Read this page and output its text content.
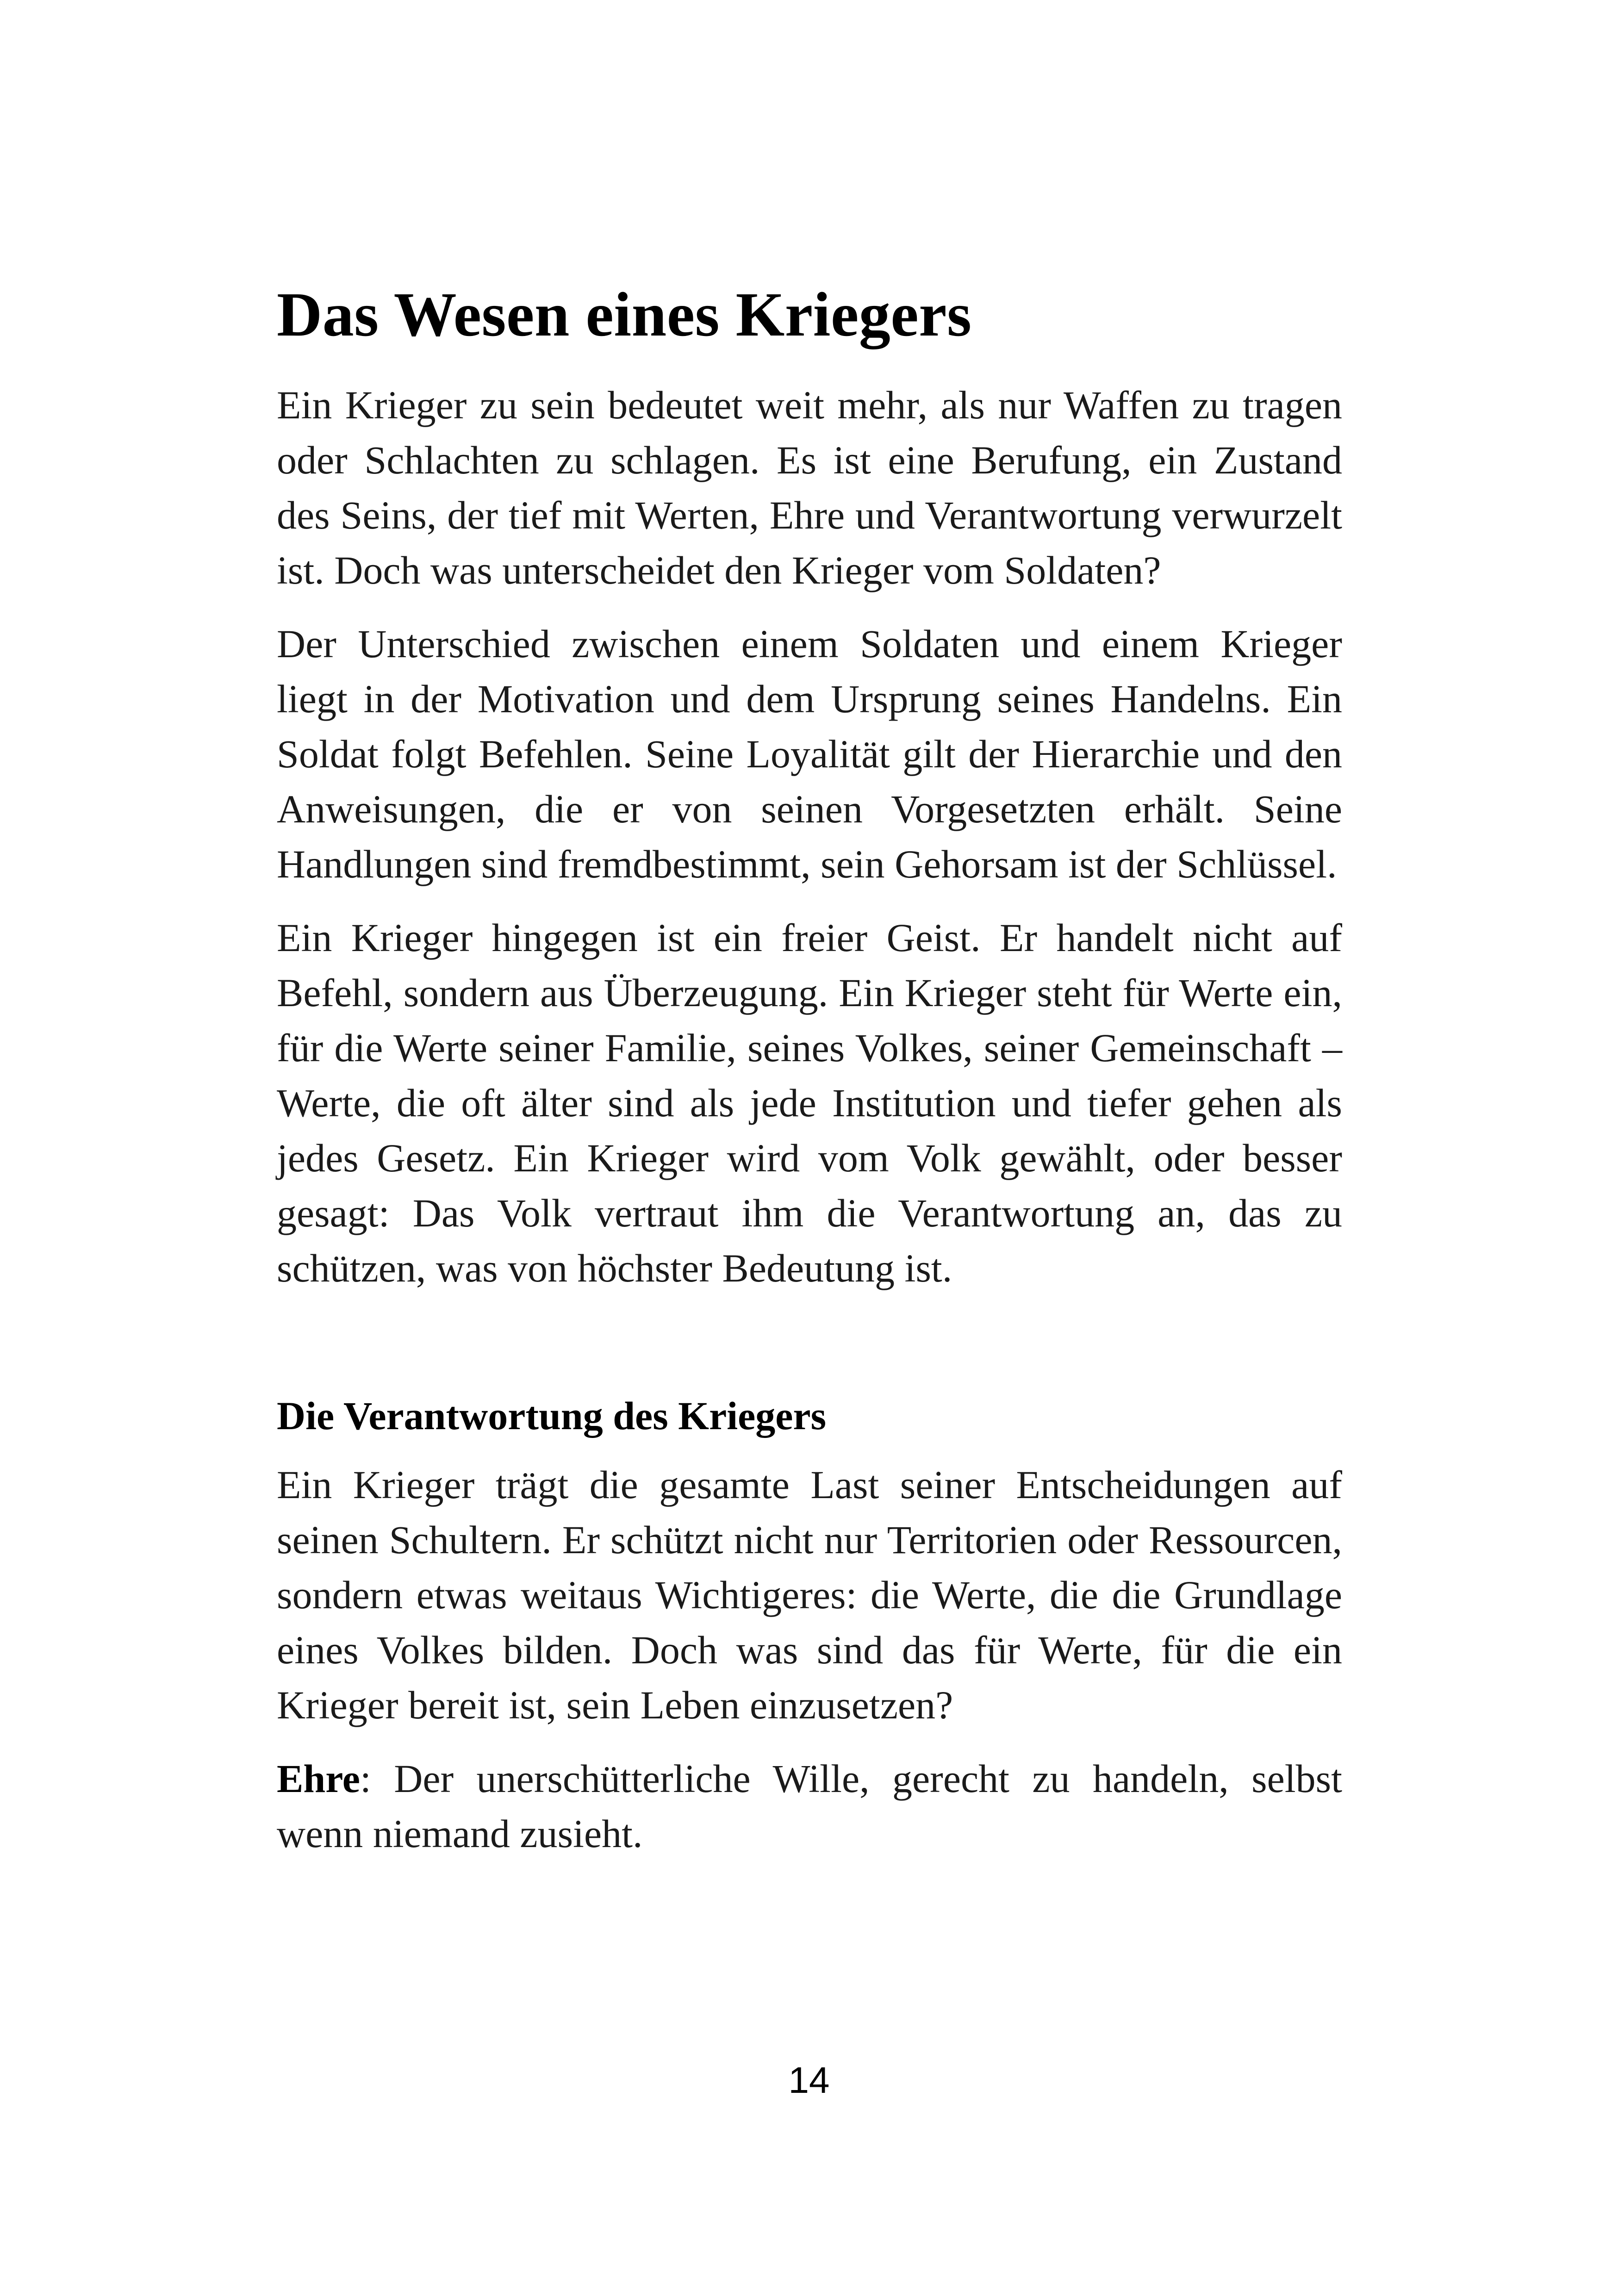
Das Wesen eines Kriegers

Ein Krieger zu sein bedeutet weit mehr, als nur Waffen zu tragen oder Schlachten zu schlagen. Es ist eine Berufung, ein Zustand des Seins, der tief mit Werten, Ehre und Verantwortung verwurzelt ist. Doch was unterscheidet den Krieger vom Soldaten?

Der Unterschied zwischen einem Soldaten und einem Krieger liegt in der Motivation und dem Ursprung seines Handelns. Ein Soldat folgt Befehlen. Seine Loyalität gilt der Hierarchie und den Anweisungen, die er von seinen Vorgesetzten erhält. Seine Handlungen sind fremdbestimmt, sein Gehorsam ist der Schlüssel.

Ein Krieger hingegen ist ein freier Geist. Er handelt nicht auf Befehl, sondern aus Überzeugung. Ein Krieger steht für Werte ein, für die Werte seiner Familie, seines Volkes, seiner Gemeinschaft – Werte, die oft älter sind als jede Institution und tiefer gehen als jedes Gesetz. Ein Krieger wird vom Volk gewählt, oder besser gesagt: Das Volk vertraut ihm die Verantwortung an, das zu schützen, was von höchster Bedeutung ist.

Die Verantwortung des Kriegers

Ein Krieger trägt die gesamte Last seiner Entscheidungen auf seinen Schultern. Er schützt nicht nur Territorien oder Ressourcen, sondern etwas weitaus Wichtigeres: die Werte, die die Grundlage eines Volkes bilden. Doch was sind das für Werte, für die ein Krieger bereit ist, sein Leben einzusetzen?

Ehre: Der unerschütterliche Wille, gerecht zu handeln, selbst wenn niemand zusieht.

14
